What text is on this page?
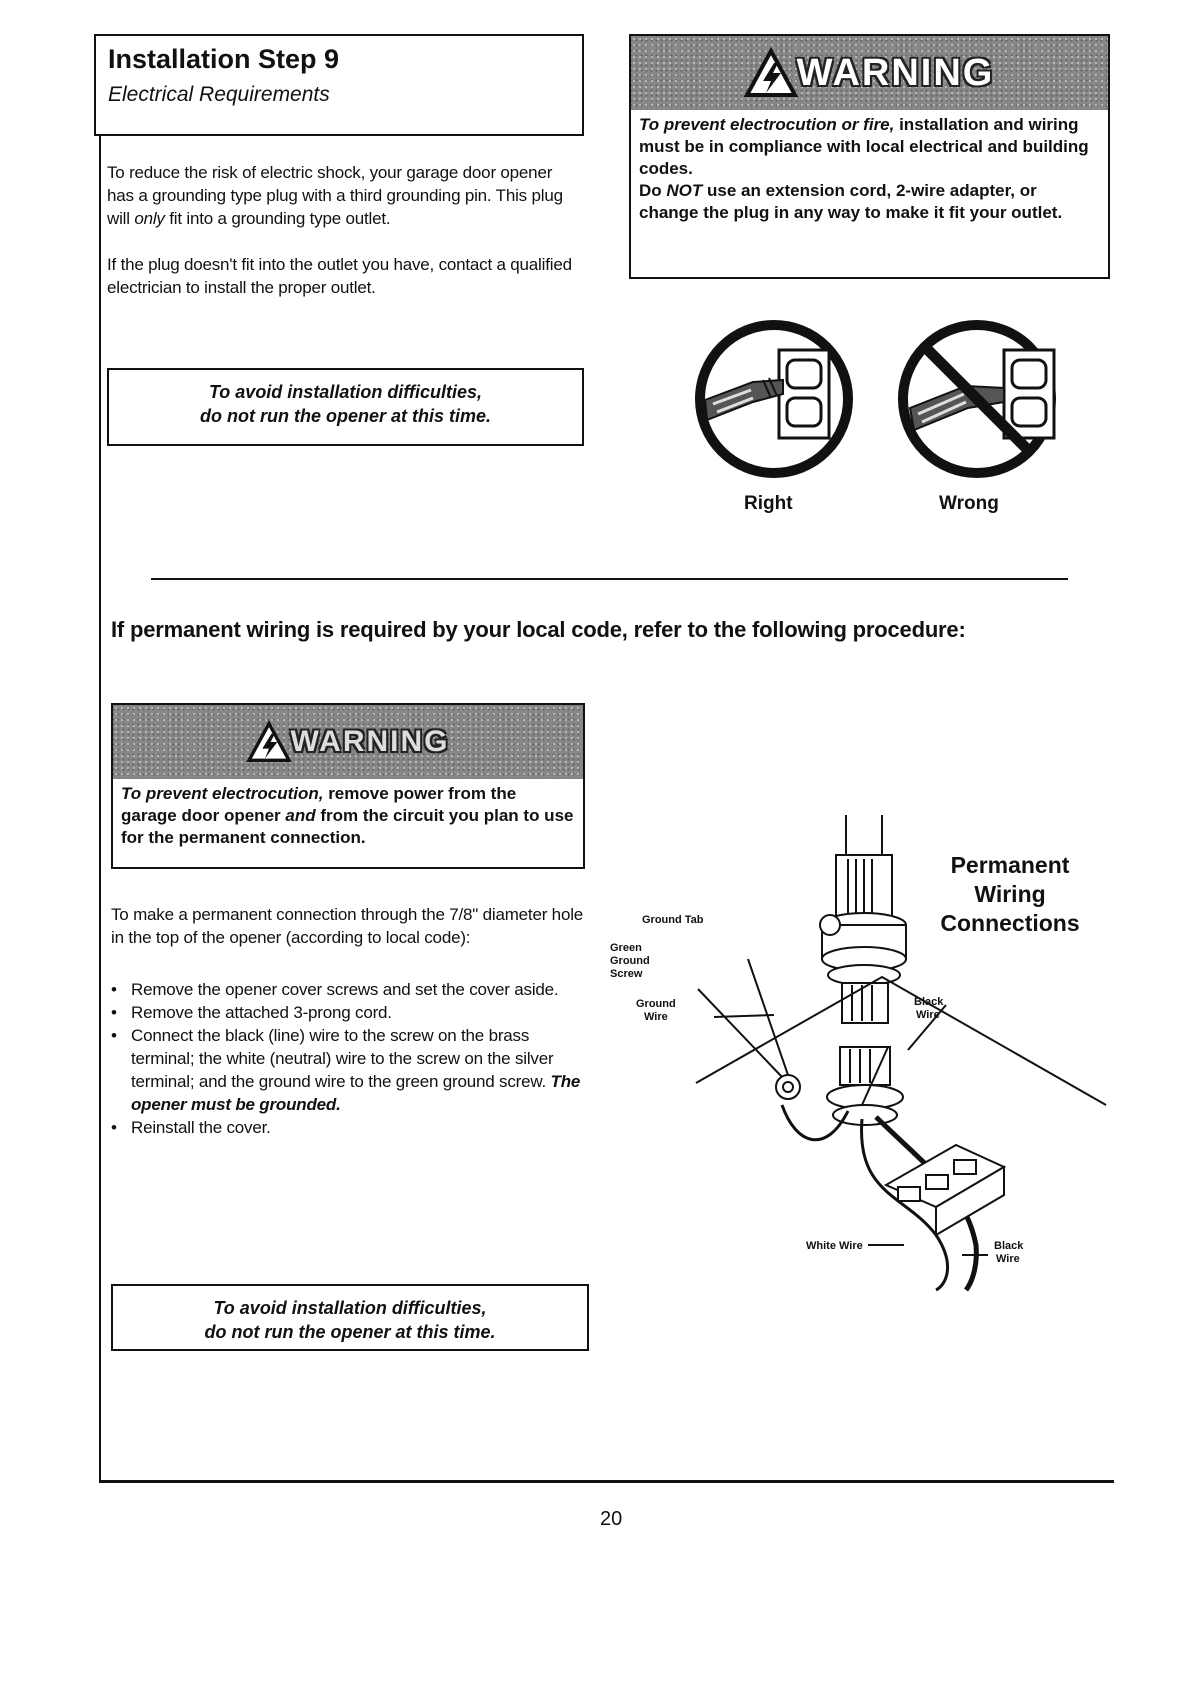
Installation Step 9
Electrical Requirements
To reduce the risk of electric shock, your garage door opener has a grounding type plug with a third grounding pin. This plug will only fit into a grounding type outlet.
If the plug doesn't fit into the outlet you have, contact a qualified electrician to install the proper outlet.
To avoid installation difficulties,
do not run the opener at this time.
WARNING
To prevent electrocution or fire, installation and wiring must be in compliance with local electrical and building codes.
Do NOT use an extension cord, 2-wire adapter, or change the plug in any way to make it fit your outlet.
Right	Wrong
If permanent wiring is required by your local code, refer to the following procedure:
WARNING
To prevent electrocution, remove power from the garage door opener and from the circuit you plan to use for the permanent connection.
To make a permanent connection through the 7/8" diameter hole in the top of the opener (according to local code):
• Remove the opener cover screws and set the cover aside.
• Remove the attached 3-prong cord.
• Connect the black (line) wire to the screw on the brass terminal; the white (neutral) wire to the screw on the silver terminal; and the ground wire to the green ground screw. The opener must be grounded.
• Reinstall the cover.
Ground Tab
Green
Ground
Screw
Ground
Wire
Black
Wire
White Wire	Black
Wire
Permanent
Wiring
Connections
20
To avoid installation difficulties,
do not run the opener at this time.
